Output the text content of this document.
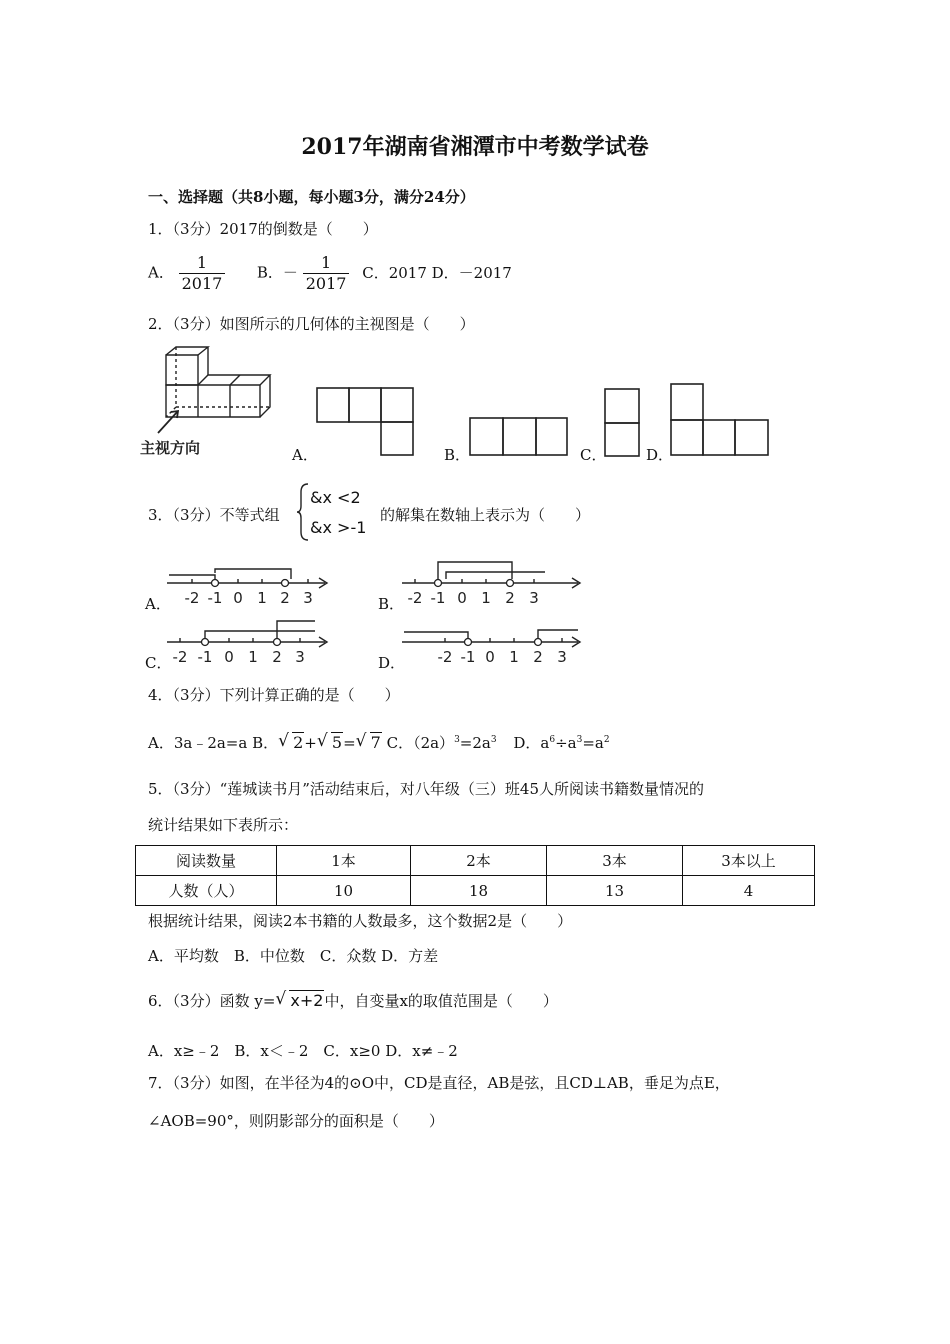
2017年湖南省湘潭市中考数学试卷
一、选择题（共8小题，每小题3分，满分24分）
1．（3分）2017的倒数是（　　）
A． $\frac{1}{2017}$ B．－ $\frac{1}{2017}$ C．2017 D．－2017
2．（3分）如图所示的几何体的主视图是（　　）
主视方向	A．	B．	C．	D．
3．（3分）不等式组
&x <2
&x >-1
的解集在数轴上表示为（　　）
A． -2 -1 0 1 2 3	B． -2 -1 0 1 2 3
C． -2 -1 0 1 2 3	D． -2 -1 0 1 2 3
4．（3分）下列计算正确的是（　　）
A．3a﹣2a=a B． √ 2+ √ 5= √ 7 C．$(2a)^3=2a^3$ D．$a^6\div a^3=a^2$
5．（3分）“莲城读书月”活动结束后，对八年级（三）班45人所阅读书籍数量情况的
统计结果如下表所示：
阅读数量	1本	2本	3本	3本以上
人数（人）	10	18	13	4
根据统计结果，阅读2本书籍的人数最多，这个数据2是（　　）
A．平均数　B．中位数　C．众数 D．方差
6．（3分）函数 y= √ x+2中，自变量x的取值范围是（　　）
A．x≥﹣2　B．x＜﹣2　C．x≥0 D．x≠﹣2
7．（3分）如图，在半径为4的⊙O中，CD是直径，AB是弦，且CD⊥AB，垂足为点E，
∠AOB=90°，则阴影部分的面积是（　　）
